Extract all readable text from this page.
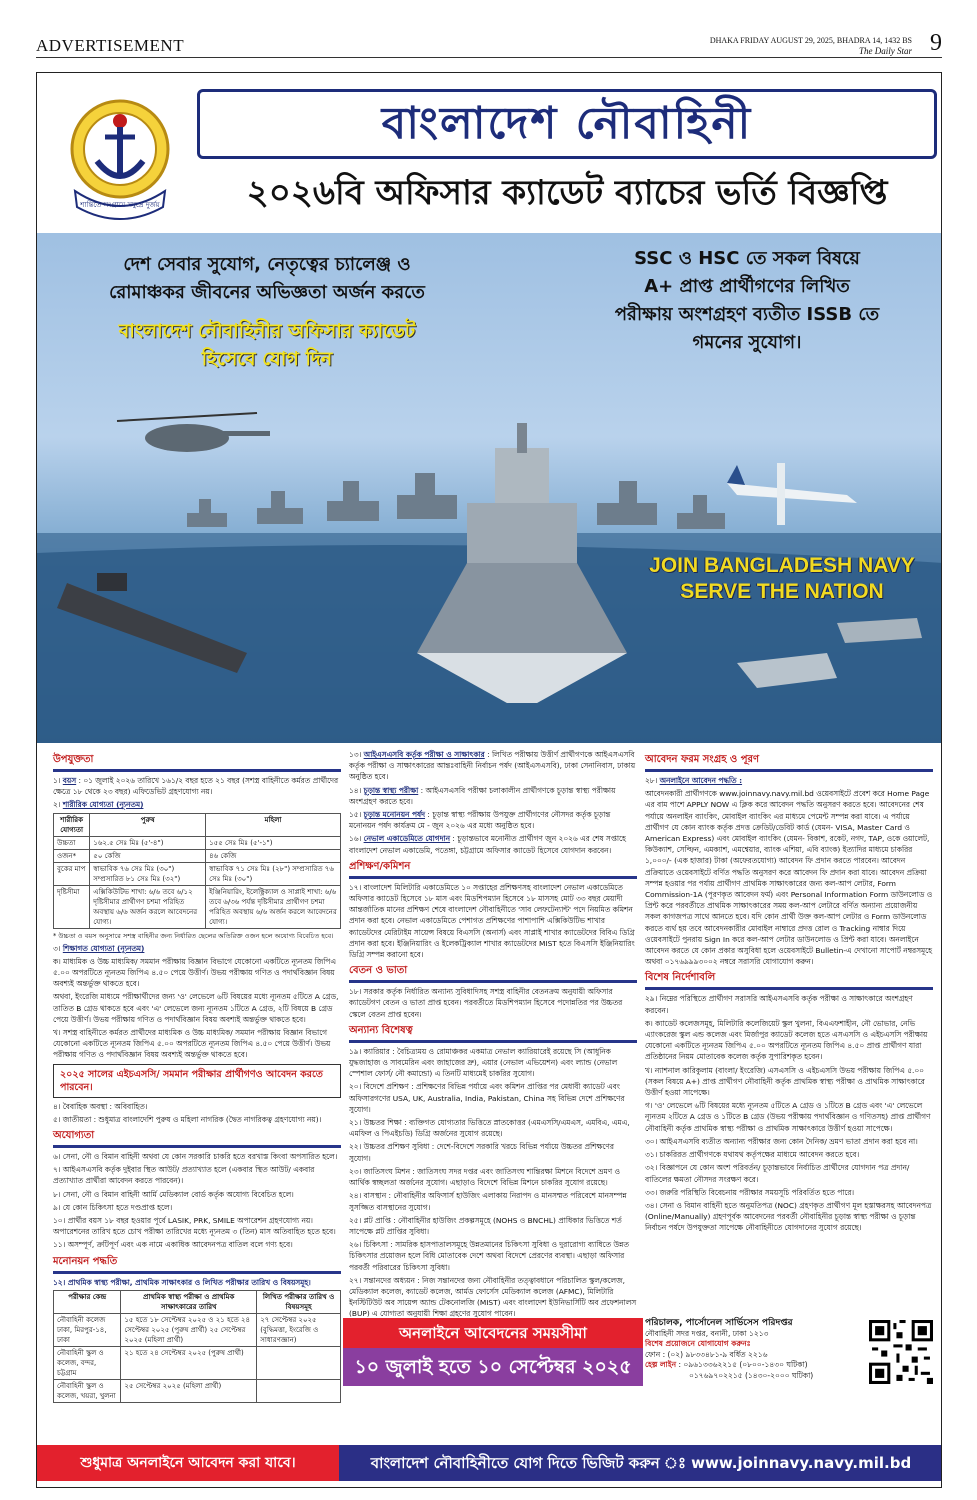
ADVERTISEMENT	DHAKA FRIDAY AUGUST 29, 2025, BHADRA 14, 1432 BS
The Daily Star 9
শান্তিতে সংগ্রামে সমুদ্রে দুর্জয়
বাংলাদেশ নৌবাহিনী
২০২৬বি অফিসার ক্যাডেট ব্যাচের ভর্তি বিজ্ঞপ্তি
দেশ সেবার সুযোগ, নেতৃত্বের চ্যালেঞ্জ ও
রোমাঞ্চকর জীবনের অভিজ্ঞতা অর্জন করতে
বাংলাদেশ নৌবাহিনীর অফিসার ক্যাডেট
হিসেবে যোগ দিন
SSC ও HSC তে সকল বিষয়ে
A+ প্রাপ্ত প্রার্থীগণের লিখিত
পরীক্ষায় অংশগ্রহণ ব্যতীত ISSB তে
গমনের সুযোগ।
JOIN BANGLADESH NAVY
SERVE THE NATION
উপযুক্ততা
১। বয়স : ০১ জুলাই ২০২৬ তারিখে ১৬১/২ বছর হতে ২১ বছর (সশস্ত্র বাহিনীতে কর্মরত প্রার্থীদের ক্ষেত্রে ১৮ থেকে ২৩ বছর) এফিডেভিট গ্রহণযোগ্য নয়।
২। শারীরিক যোগ্যতা (ন্যূনতম)
শারীরিক যোগ্যতা	পুরুষ	মহিলা
উচ্চতা	১৬২.৫ সেঃ মিঃ (৫'-৪")	১৫৫ সেঃ মিঃ (৫'-১")
ওজন*	৫০ কেজি	৪৬ কেজি
বুকের মাপ	স্বাভাবিক ৭৬ সেঃ মিঃ (৩০") সম্প্রসারিত ৮১ সেঃ মিঃ (৩২")	স্বাভাবিক ৭১ সেঃ মিঃ (২৮") সম্প্রসারিত ৭৬ সেঃ মিঃ (৩০")
দৃষ্টিসীমা	এক্সিকিউটিভ শাখা: ৬/৬ তবে ৬/১২ দৃষ্টিসীমার প্রার্থীগণ চশমা পরিহিত অবস্থায় ৬/৬ অর্জন করলে আবেদনের যোগ্য।	ইঞ্জিনিয়ারিং, ইলেক্ট্রিক্যাল ও সাপ্লাই শাখা: ৬/৬ তবে ৬/৩৬ পর্যন্ত দৃষ্টিসীমার প্রার্থীগণ চশমা পরিহিত অবস্থায় ৬/৬ অর্জন করলে আবেদনের যোগ্য।
* উচ্চতা ও বয়স অনুসারে সশস্ত্র বাহিনীর জন্য নির্ধারিত ছেলের অতিরিক্ত ওজন হলে অযোগ্য বিবেচিত হবে।
৩। শিক্ষাগত যোগ্যতা (ন্যূনতম)
ক। মাধ্যমিক ও উচ্চ মাধ্যমিক/ সমমান পরীক্ষায় বিজ্ঞান বিভাগে যেকোনো একটিতে ন্যূনতম জিপিএ ৫.০০ অপরটিতে ন্যূনতম জিপিএ ৪.৫০ পেয়ে উত্তীর্ণ। উভয় পরীক্ষায় গণিত ও পদার্থবিজ্ঞান বিষয় অবশ্যই অন্তর্ভুক্ত থাকতে হবে।
অথবা, ইংরেজি মাধ্যমে পরীক্ষার্থীদের জন্য 'ও' লেভেলে ৬টি বিষয়ের মধ্যে ন্যূনতম ৫টিতে A গ্রেড, তাতিত B গ্রেড থাকতে হবে এবং 'এ' লেভেলে জন্য ন্যূনতম ১টিতে A গ্রেড, ২টি বিষয়ে B গ্রেড পেয়ে উত্তীর্ণ। উভয় পরীক্ষায় গণিত ও পদার্থবিজ্ঞান বিষয় অবশ্যই অন্তর্ভুক্ত থাকতে হবে।
খ। সশস্ত্র বাহিনীতে কর্মরত প্রার্থীদের মাধ্যমিক ও উচ্চ মাধ্যমিক/ সমমান পরীক্ষায় বিজ্ঞান বিভাগে যেকোনো একটিতে ন্যূনতম জিপিএ ৫.০০ অপরটিতে ন্যূনতম জিপিএ ৪.৫০ পেয়ে উত্তীর্ণ। উভয় পরীক্ষায় গণিত ও পদার্থবিজ্ঞান বিষয় অবশ্যই অন্তর্ভুক্ত থাকতে হবে।
২০২৫ সালের এইচএসসি/ সমমান পরীক্ষার প্রার্থীগণও আবেদন করতে পারবেন।
৪। বৈবাহিক অবস্থা : অবিবাহিত।
৫। জাতীয়তা : শুধুমাত্র বাংলাদেশি পুরুষ ও মহিলা নাগরিক (দ্বৈত নাগরিকত্ব গ্রহণযোগ্য নয়)।
অযোগ্যতা
৬। সেনা, নৌ ও বিমান বাহিনী অথবা যে কোন সরকারি চাকরি হতে বরখাস্ত কিংবা অপসারিত হলে।
৭। আইএসএসবি কর্তৃক দুইবার স্থিত আউট/ প্রত্যাখ্যাত হলে (একবার স্থিত আউট/ একবার প্রত্যাখ্যাত প্রার্থীরা আবেদন করতে পারবেন)।
৮। সেনা, নৌ ও বিমান বাহিনী আর্মি মেডিক্যাল বোর্ড কর্তৃক অযোগ্য বিবেচিত হলে।
৯। যে কোন চিকিৎসা হতে দণ্ডপ্রাপ্ত হলে।
১০। প্রার্থীর বয়স ১৮ বছর হওয়ার পূর্বে LASIK, PRK, SMILE অপারেশন গ্রহণযোগ্য নয়। অপারেশনের তারিখ হতে চোখ পরীক্ষা তারিখের মধ্যে ন্যূনতম ৩ (তিন) মাস অতিবাহিত হতে হবে।
১১। অসম্পূর্ণ, ক্রটিপূর্ণ এবং এক নামে একাধিক আবেদনপত্র বাতিল বলে গণ্য হবে।
মনোনয়ন পদ্ধতি
১২। প্রাথমিক স্বাস্থ্য পরীক্ষা, প্রাথমিক সাক্ষাৎকার ও লিখিত পরীক্ষার তারিখ ও বিষয়সমূহ।
পরীক্ষার কেন্দ্র	প্রাথমিক স্বাস্থ্য পরীক্ষা ও প্রাথমিক সাক্ষাৎকারের তারিখ	লিখিত পরীক্ষার তারিখ ও বিষয়সমূহ
নৌবাহিনী কলেজ ঢাকা, মিরপুর-১৪, ঢাকা	১৫ হতে ১৮ সেপ্টেম্বর ২০২৫ ও ২১ হতে ২৪ সেপ্টেম্বর ২০২৫ (পুরুষ প্রার্থী) ২৫ সেপ্টেম্বর ২০২৫ (মহিলা প্রার্থী)	২৭ সেপ্টেম্বর ২০২৫ (বুদ্ধিমত্তা, ইংরেজি ও সাধারণজ্ঞান)
নৌবাহিনী স্কুল ও কলেজ, বন্দর, চট্টগ্রাম	২১ হতে ২৪ সেপ্টেম্বর ২০২৫ (পুরুষ প্রার্থী)	
নৌবাহিনী স্কুল ও কলেজ, খয়রা, খুলনা	২৫ সেপ্টেম্বর ২০২৫ (মহিলা প্রার্থী)	
১৩। আইএসএসবি কর্তৃক পরীক্ষা ও সাক্ষাৎকার : লিখিত পরীক্ষায় উত্তীর্ণ প্রার্থীগণকে আইএসএসবি কর্তৃক পরীক্ষা ও সাক্ষাৎকারের আন্তঃবাহিনী নির্বাচন পর্ষদ (আইএসএসবি), ঢাকা সেনানিবাস, ঢাকায় অনুষ্ঠিত হবে।
১৪। চূড়ান্ত স্বাস্থ্য পরীক্ষা : আইএসএসবি পরীক্ষা চলাকালীন প্রার্থীগণকে চূড়ান্ত স্বাস্থ্য পরীক্ষায় অংশগ্রহণ করতে হবে।
১৫। চূড়ান্ত মনোনয়ন পর্ষদ : চূড়ান্ত স্বাস্থ্য পরীক্ষায় উপযুক্ত প্রার্থীগণের নৌসদর কর্তৃক চূড়ান্ত মনোনয়ন পর্ষদ কার্যক্রম মে - জুন ২০২৬ এর মধ্যে অনুষ্ঠিত হবে।
১৬। নেভাল একাডেমিতে যোগদান : চূড়ান্তভাবে মনোনীত প্রার্থীগণ জুন ২০২৬ এর শেষ সপ্তাহে বাংলাদেশ নেভাল একাডেমি, পতেঙ্গা, চট্টগ্রামে অফিসার ক্যাডেট হিসেবে যোগদান করবেন।
প্রশিক্ষণ/কমিশন
১৭। বাংলাদেশ মিলিটারি একাডেমিতে ১০ সপ্তাহের প্রশিক্ষণসহ বাংলাদেশ নেভাল একাডেমিতে অফিসার ক্যাডেট হিসেবে ১৮ মাস এবং মিডশিপম্যান হিসেবে ১৮ মাসসহ মোট ৩৩ বছর মেয়াদী আন্তর্জাতিক মানের প্রশিক্ষণ শেষে বাংলাদেশ নৌবাহিনীতে 'সাব লেফটেন্যান্ট' পদে নিয়মিত কমিশন প্রদান করা হবে। নেভাল একাডেমিতে পেশাগত প্রশিক্ষণের পাশাপাশি এক্সিকিউটিভ শাখার ক্যাডেটদের মেরিটাইম সায়েন্স বিষয়ে বিএসসি (অনার্স) এবং সাপ্লাই শাখার ক্যাডেটদের বিবিএ ডিগ্রি প্রদান করা হবে। ইঞ্জিনিয়ারিং ও ইলেকট্রিক্যাল শাখার ক্যাডেটদের MIST হতে বিএসসি ইঞ্জিনিয়ারিং ডিগ্রি সম্পন্ন করানো হবে।
বেতন ও ভাতা
১৮। সরকার কর্তৃক নির্ধারিত অন্যান্য সুবিধাদিসহ সশস্ত্র বাহিনীর বেতনক্রম অনুযায়ী অফিসার ক্যাডেটগণ বেতন ও ভাতা প্রাপ্ত হবেন। পরবর্তীতে মিডশিপম্যান হিসেবে পদোন্নতির পর উচ্চতর স্কেলে বেতন প্রাপ্ত হবেন।
অন্যান্য বিশেষত্ব
১৯। ক্যারিয়ার : বৈচিত্র্যময় ও রোমাঞ্চকর একমাত্র নেভাল ক্যারিয়ারেই রয়েছে সি (আধুনিক যুদ্ধজাহাজ ও সাবমেরিন এবং জাহাজের দ্রু), এয়ার (নেভাল এভিয়েশন) এবং ল্যান্ড (নেভাল স্পেশাল ফোর্স/ নৌ কমান্ডো) এ তিনটি মাধ্যমেই চাকরির সুযোগ।
২০। বিদেশে প্রশিক্ষণ : প্রশিক্ষণের বিভিন্ন পর্যায়ে এবং কমিশন প্রাপ্তির পর মেধাবী ক্যাডেট এবং অফিসারগণের USA, UK, Australia, India, Pakistan, China সহ বিভিন্ন দেশে প্রশিক্ষণের সুযোগ।
২১। উচ্চতর শিক্ষা : ব্যক্তিগত যোগ্যতার ভিত্তিতে স্নাতকোত্তর (এমএসসি/এমএস, এমবিএ, এমএ, এমফিল ও পিএইচডি) ডিগ্রি অর্জনের সুযোগ রয়েছে।
২২। উচ্চতর প্রশিক্ষণ সুবিধা : দেশে-বিদেশে সরকারি খরচে বিভিন্ন পর্যায়ে উচ্চতর প্রশিক্ষণের সুযোগ।
২৩। জাতিসংঘ মিশন : জাতিসংঘ সদর দপ্তর এবং জাতিসংঘ শান্তিরক্ষা মিশনে বিদেশে ভ্রমণ ও আর্থিক স্বচ্ছলতা অর্জনের সুযোগ। এছাড়াও বিদেশে বিভিন্ন মিশনে চাকরির সুযোগ রয়েছে।
২৪। বাসস্থান : নৌবাহিনীর অফিসার্স হাউজিং এলাকায় নিরাপদ ও মানসম্মত পরিবেশে মানসম্পন্ন সুসজ্জিত বাসস্থানের সুযোগ।
২৫। প্লট প্রাপ্তি : নৌবাহিনীর হাউজিং প্রকল্পসমূহে (NOHS ও BNCHL) প্রাধিকার ভিত্তিতে শর্ত সাপেক্ষে প্লট প্রাপ্তির সুবিধা।
২৬। চিকিৎসা : সামরিক হাসপাতালসমূহে উন্নতমানের চিকিৎসা সুবিধা ও দুরারোগ্য ব্যাধিতে উন্নত চিকিৎসার প্রয়োজন হলে বিধি মোতাবেক দেশে অথবা বিদেশে প্রেরণের ব্যবস্থা। এছাড়া অফিসার পরবর্তী পরিবারের চিকিৎসা সুবিধা।
২৭। সন্তানদের অধ্যয়ন : নিজ সন্তানদের জন্য নৌবাহিনীর তত্ত্বাবধানে পরিচালিত স্কুল/কলেজ, মেডিক্যাল কলেজ, ক্যাডেট কলেজ, আর্মড ফোর্সেস মেডিক্যাল কলেজ (AFMC), মিলিটারি ইনস্টিটিউট অব সায়েন্স অ্যান্ড টেকনোলজি (MIST) এবং বাংলাদেশ ইউনিভার্সিটি অব প্রফেশনালস (BUP) এ যোগ্যতা অনুযায়ী শিক্ষা গ্রহণের সুযোগ পাবেন।
আবেদন ফরম সংগ্রহ ও পূরণ
২৮। অনলাইনে আবেদন পদ্ধতি :
আবেদনকারী প্রার্থীগণকে www.joinnavy.navy.mil.bd ওয়েবসাইটে প্রবেশ করে Home Page এর বাম পাশে APPLY NOW এ ক্লিক করে আবেদন পদ্ধতি অনুসরণ করতে হবে। আবেদনের শেষ পর্যায়ে অনলাইন ব্যাংকিং, মোবাইল ব্যাংকিং এর মাধ্যমে পেমেন্ট সম্পন্ন করা যাবে। এ পর্যায়ে প্রার্থীগণ যে কোন ব্যাংক কর্তৃক প্রদত্ত ক্রেডিট/ডেবিট কার্ড (যেমন- VISA, Master Card ও American Express) এবং মোবাইল ব্যাংকিং (যেমন- বিকাশ, রকেট, নগদ, TAP, ওকে ওয়ালেট, কিউক্যাশ, সেল্ফিন, এমক্যাশ, এমশ্বেয়ার, ব্যাংক এশিয়া, এবি ব্যাংক) ইত্যাদির মাধ্যমে চাকরির ১,০০০/- (এক হাজার) টাকা (অফেরতযোগ্য) আবেদন ফি প্রদান করতে পারবেন। আবেদন প্রক্রিয়াতে ওয়েবসাইটে বর্ণিত পদ্ধতি অনুসরণ করে আবেদন ফি প্রদান করা যাবে। আবেদন প্রক্রিয়া সম্পন্ন হওয়ার পর পর্যায় প্রার্থীগণ প্রাথমিক সাক্ষাৎকারের জন্য কল-আপ লেটার, Form Commission-1A (পূরণকৃত আবেদন ফর্ম) এবং Personal Information Form ডাউনলোড ও প্রিন্ট করে পরবর্তীতে প্রাথমিক সাক্ষাৎকারের সময় কল-আপ লেটারে বর্ণিত অন্যান্য প্রয়োজনীয় সকল কাগজপত্র সাথে আনতে হবে। যদি কোন প্রার্থী উক্ত কল-আপ লেটার ও Form ডাউনলোড করতে ব্যর্থ হয় তবে আবেদনকারীর মোবাইল নাম্বারে প্রদত্ত রোল ও Tracking নাম্বার দিয়ে ওয়েবসাইটে পুনরায় Sign In করে কল-আপ লেটার ডাউনলোড ও প্রিন্ট করা যাবে। অনলাইনে আবেদন করতে যে কোন প্রকার অসুবিধা হলে ওয়েবসাইটে Bulletin-এ দেখানো সাপোর্ট নম্বরসমূহে অথবা ০১৭৬৯৯৯৩০০২ নম্বরে সরাসরি যোগাযোগ করুন।
বিশেষ নির্দেশাবলি
২৯। নিম্নের পরিস্থিতে প্রার্থীগণ সরাসরি আইএসএসবি কর্তৃক পরীক্ষা ও সাক্ষাৎকারে অংশগ্রহণ করবেন।
ক। ক্যাডেট কলেজসমূহ, মিলিটারি কলেজিয়েট স্কুল খুলনা, বিএএফশাহীন, নৌ ভোভার, নেভি এ্যাংকরেজ স্কুল এন্ড কলেজ এবং মির্জাপুর ক্যাডেট কলেজ হতে এসএসসি ও এইচএসসি পরীক্ষায় যেকোনো একটিতে ন্যূনতম জিপিএ ৫.০০ অপরটিতে ন্যূনতম জিপিএ ৪.৫০ প্রাপ্ত প্রার্থীগণ যারা প্রতিষ্ঠানের নিয়ম মোতাবেক কলেজ কর্তৃক সুপারিশকৃত হবেন।
খ। ন্যাশনাল কারিকুলাম (বাংলা/ ইংরেজি) এসএসসি ও এইচএসসি উভয় পরীক্ষায় জিপিএ ৫.০০ (সকল বিষয়ে A+) প্রাপ্ত প্রার্থীগণ নৌবাহিনী কর্তৃক প্রাথমিক স্বাস্থ্য পরীক্ষা ও প্রাথমিক সাক্ষাৎকারে উত্তীর্ণ হওয়া সাপেক্ষে।
গ। 'ও' লেভেলে ৬টি বিষয়ের মধ্যে ন্যূনতম ৫টিতে A গ্রেড ও ১টিতে B গ্রেড এবং 'এ' লেভেলে ন্যূনতম ২টিতে A গ্রেড ও ১টিতে B গ্রেড (উভয় পরীক্ষায় পদার্থবিজ্ঞান ও গণিতসহ) প্রাপ্ত প্রার্থীগণ নৌবাহিনী কর্তৃক প্রাথমিক স্বাস্থ্য পরীক্ষা ও প্রাথমিক সাক্ষাৎকারে উত্তীর্ণ হওয়া সাপেক্ষে।
৩০। আইএসএসবি ব্যতীত অন্যান্য পরীক্ষার জন্য কোন দৈনিক/ ভ্রমণ ভাতা প্রদান করা হবে না।
৩১। চাকরিরত প্রার্থীগণকে যথাযথ কর্তৃপক্ষের মাধ্যমে আবেদন করতে হবে।
৩২। বিজ্ঞাপনে যে কোন অংশ পরিবর্তন/ চূড়ান্তভাবে নির্বাচিত প্রার্থীদের যোগদান পত্র প্রদান/ বাতিলের ক্ষমতা নৌসদর সংরক্ষণ করে।
৩৩। জরুরি পরিস্থিতি বিবেচনায় পরীক্ষার সময়সূচি পরিবর্তিত হতে পারে।
৩৪। সেনা ও বিমান বাহিনী হতে অনুমতিপত্র (NOC) গ্রহণকৃত প্রার্থীগণ মূল হস্তাক্ষরসহ আবেদনপত্র (Online/Manually) গ্রহণপূর্বক আবেদনের পরবর্তী নৌবাহিনীর চূড়ান্ত স্বাস্থ্য পরীক্ষা ও চূড়ান্ত নির্বাচন পর্ষদে উপযুক্ততা সাপেক্ষে নৌবাহিনীতে যোগদানের সুযোগ রয়েছে।
অনলাইনে আবেদনের সময়সীমা
১০ জুলাই হতে ১০ সেপ্টেম্বর ২০২৫
পরিচালক, পার্সোনেল সার্ভিসেস পরিদপ্তর
নৌবাহিনী সদর দপ্তর, বনানী, ঢাকা ১২১৩
বিশেষ প্রয়োজনে যোগাযোগ করুনঃ
ফোন : (০২) ৯৮৩৩৪৮১-৯ বর্ধিত ২২১৬
হেল্প লাইন : ০৯৬১৩৩৬২২১৫ (০৮০০-১৪৩০ ঘটিকা)
০১৭৬৯৭০২২১৫ (১৪৩০-২০০০ ঘটিকা)
শুধুমাত্র অনলাইনে আবেদন করা যাবে।	বাংলাদেশ নৌবাহিনীতে যোগ দিতে ভিজিট করুন ঃ www.joinnavy.navy.mil.bd
